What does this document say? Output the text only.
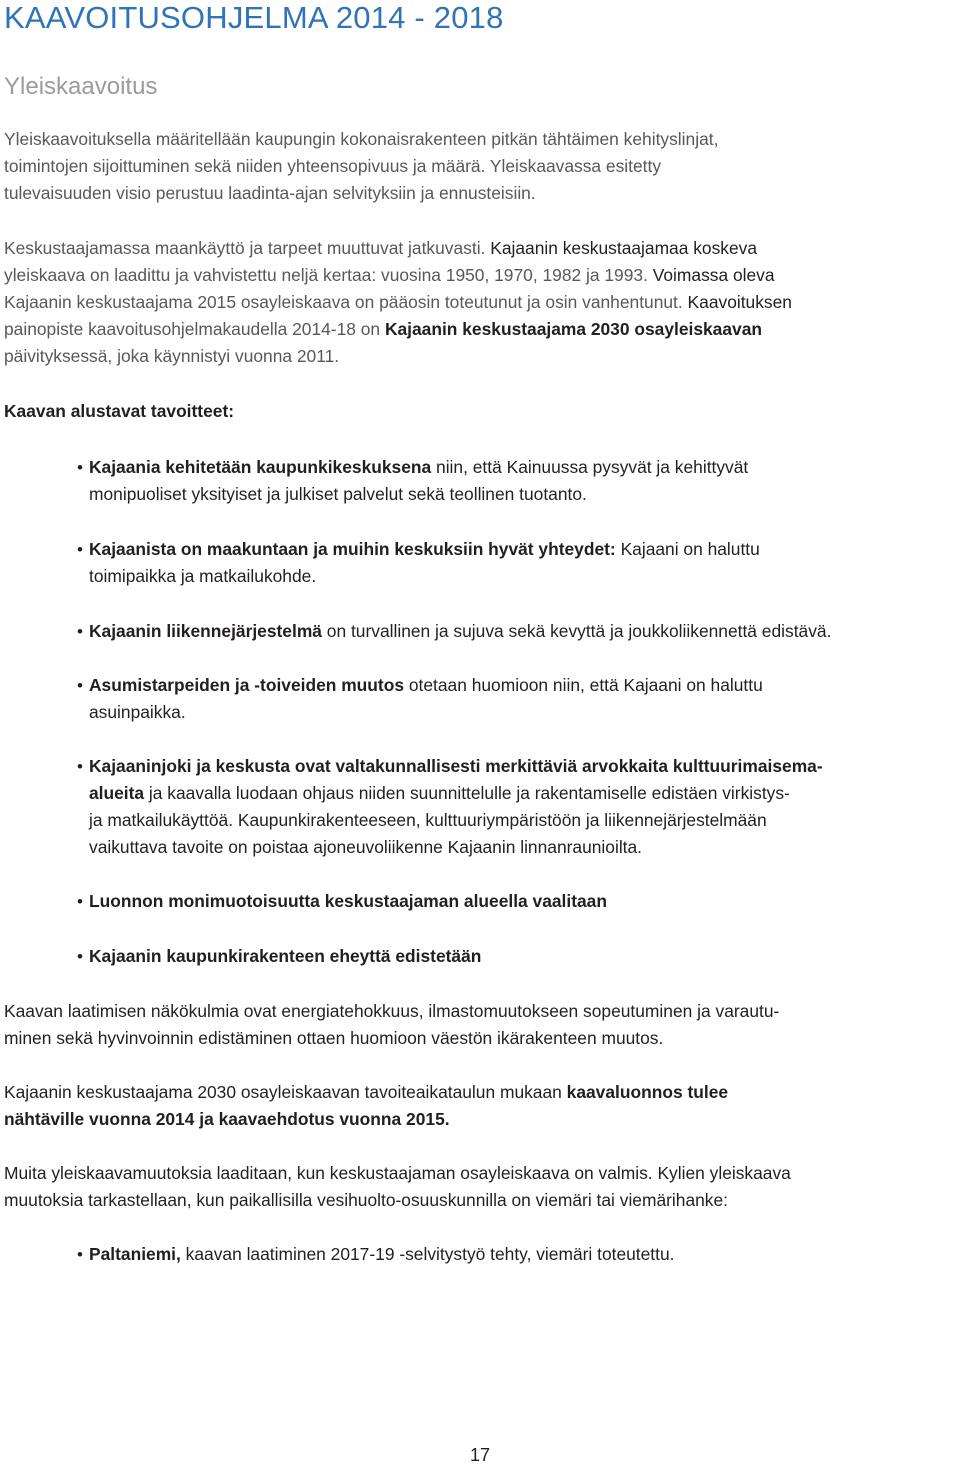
KAAVOITUSOHJELMA 2014 - 2018
Yleiskaavoitus

Yleiskaavoituksella määritellään kaupungin kokonaisrakenteen pitkän tähtäimen kehityslinjat,
toimintojen sijoittuminen sekä niiden yhteensopivuus ja määrä. Yleiskaavassa esitetty
tulevaisuuden visio perustuu laadinta-ajan selvityksiin ja ennusteisiin.

Keskustaajamassa maankäyttö ja tarpeet muuttuvat jatkuvasti. Kajaanin keskustaajamaa koskeva
yleiskaava on laadittu ja vahvistettu neljä kertaa: vuosina 1950, 1970, 1982 ja 1993. Voimassa oleva
Kajaanin keskustaajama 2015 osayleiskaava on pääosin toteutunut ja osin vanhentunut. Kaavoituksen
painopiste kaavoitusohjelmakaudella 2014-18 on Kajaanin keskustaajama 2030 osayleiskaavan
päivityksessä, joka käynnistyi vuonna 2011.

Kaavan alustavat tavoitteet:

• Kajaania kehitetään kaupunkikeskuksena niin, että Kainuussa pysyvät ja kehittyvät
monipuoliset yksityiset ja julkiset palvelut sekä teollinen tuotanto.
• Kajaanista on maakuntaan ja muihin keskuksiin hyvät yhteydet: Kajaani on haluttu
toimipaikka ja matkailukohde.
• Kajaanin liikennejärjestelmä on turvallinen ja sujuva sekä kevyttä ja joukkoliikennettä edistävä.
• Asumistarpeiden ja -toiveiden muutos otetaan huomioon niin, että Kajaani on haluttu
asuinpaikka.
• Kajaaninjoki ja keskusta ovat valtakunnallisesti merkittäviä arvokkaita kulttuurimaisema-
alueita ja kaavalla luodaan ohjaus niiden suunnittelulle ja rakentamiselle edistäen virkistys-
ja matkailukäyttöä. Kaupunkirakenteeseen, kulttuuriympäristöön ja liikennejärjestelmään
vaikuttava tavoite on poistaa ajoneuvoliikenne Kajaanin linnanraunioilta.
• Luonnon monimuotoisuutta keskustaajaman alueella vaalitaan
• Kajaanin kaupunkirakenteen eheyttä edistetään

Kaavan laatimisen näkökulmia ovat energiatehokkuus, ilmastomuutokseen sopeutuminen ja varautu-
minen sekä hyvinvoinnin edistäminen ottaen huomioon väestön ikärakenteen muutos.

Kajaanin keskustaajama 2030 osayleiskaavan tavoiteaikataulun mukaan kaavaluonnos tulee
nähtäville vuonna 2014 ja kaavaehdotus vuonna 2015.

Muita yleiskaavamuutoksia laaditaan, kun keskustaajaman osayleiskaava on valmis. Kylien yleiskaava
muutoksia tarkastellaan, kun paikallisilla vesihuolto-osuuskunnilla on viemäri tai viemärihanke:

• Paltaniemi, kaavan laatiminen 2017-19 -selvitystyö tehty, viemäri toteutettu.
17
